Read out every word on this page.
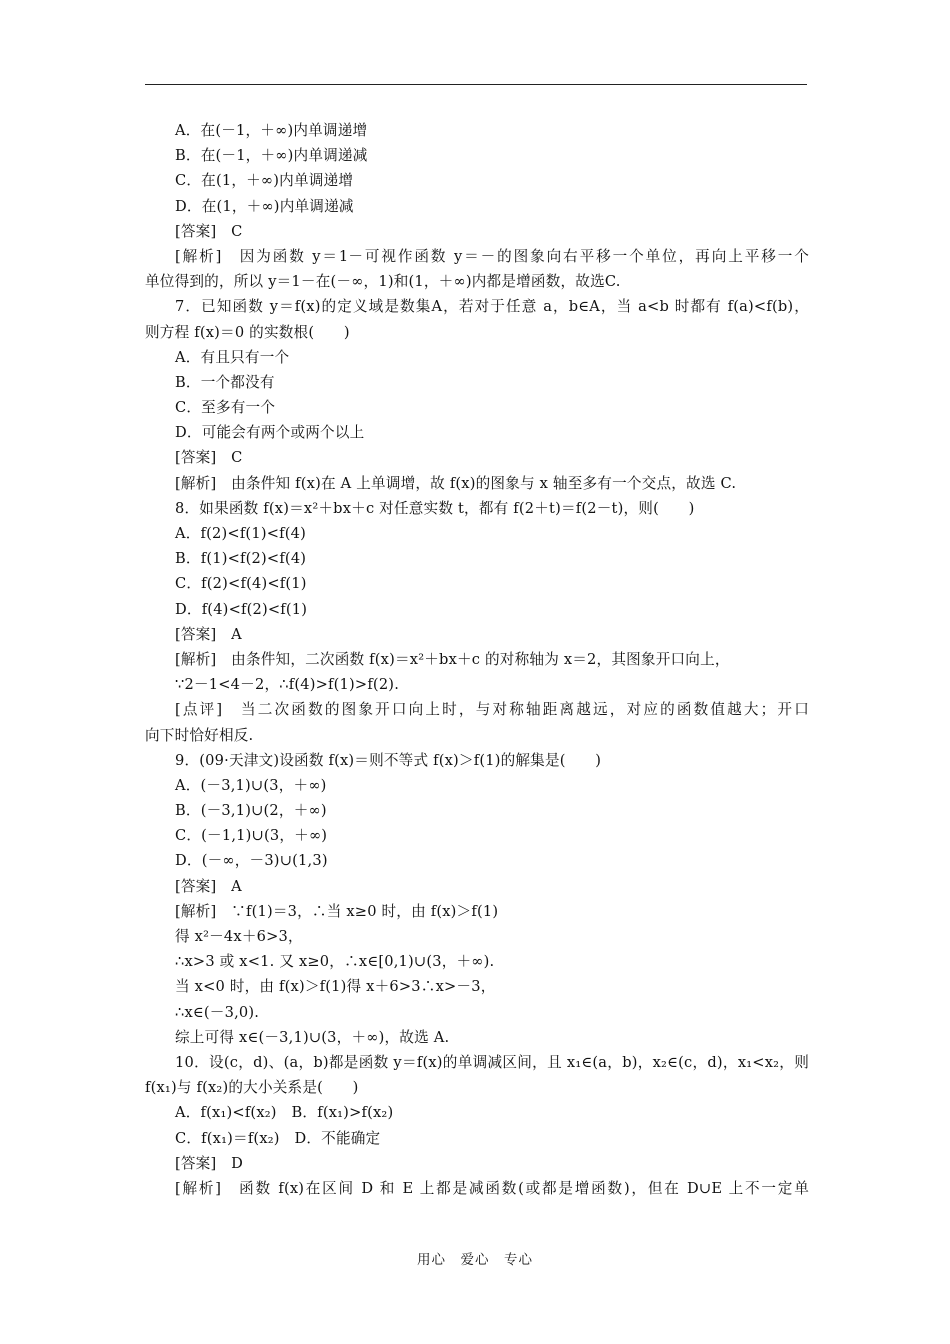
A．在(－1，＋∞)内单调递增
B．在(－1，＋∞)内单调递减
C．在(1，＋∞)内单调递增
D．在(1，＋∞)内单调递减
[答案]　C
[解析]　因为函数 y＝1－可视作函数 y＝－的图象向右平移一个单位，再向上平移一个
单位得到的，所以 y＝1－在(－∞，1)和(1，＋∞)内都是增函数，故选C.
7．已知函数 y＝f(x)的定义域是数集A，若对于任意 a，b∈A，当 a<b 时都有 f(a)<f(b)，
则方程 f(x)＝0 的实数根(　　)
A．有且只有一个
B．一个都没有
C．至多有一个
D．可能会有两个或两个以上
[答案]　C
[解析]　由条件知 f(x)在 A 上单调增，故 f(x)的图象与 x 轴至多有一个交点，故选 C.
8．如果函数 f(x)＝x²＋bx＋c 对任意实数 t，都有 f(2＋t)＝f(2－t)，则(　　)
A．f(2)<f(1)<f(4)
B．f(1)<f(2)<f(4)
C．f(2)<f(4)<f(1)
D．f(4)<f(2)<f(1)
[答案]　A
[解析]　由条件知，二次函数 f(x)＝x²＋bx＋c 的对称轴为 x＝2，其图象开口向上，
∵2－1<4－2，∴f(4)>f(1)>f(2).
[点评]　当二次函数的图象开口向上时，与对称轴距离越远，对应的函数值越大；开口
向下时恰好相反.
9．(09·天津文)设函数 f(x)＝则不等式 f(x)＞f(1)的解集是(　　)
A．(－3,1)∪(3，＋∞)
B．(－3,1)∪(2，＋∞)
C．(－1,1)∪(3，＋∞)
D．(－∞，－3)∪(1,3)
[答案]　A
[解析]　∵f(1)＝3，∴当 x≥0 时，由 f(x)＞f(1)
得 x²－4x＋6>3，
∴x>3 或 x<1. 又 x≥0，∴x∈[0,1)∪(3，＋∞).
当 x<0 时，由 f(x)＞f(1)得 x＋6>3∴x>－3，
∴x∈(－3,0).
综上可得 x∈(－3,1)∪(3，＋∞)，故选 A.
10．设(c，d)、(a，b)都是函数 y＝f(x)的单调减区间，且 x₁∈(a，b)，x₂∈(c，d)，x₁<x₂，则
f(x₁)与 f(x₂)的大小关系是(　　)
A．f(x₁)<f(x₂)　B．f(x₁)>f(x₂)
C．f(x₁)＝f(x₂)　D．不能确定
[答案]　D
[解析]　函数 f(x)在区间 D 和 E 上都是减函数(或都是增函数)，但在 D∪E 上不一定单
用心　爱心　专心
